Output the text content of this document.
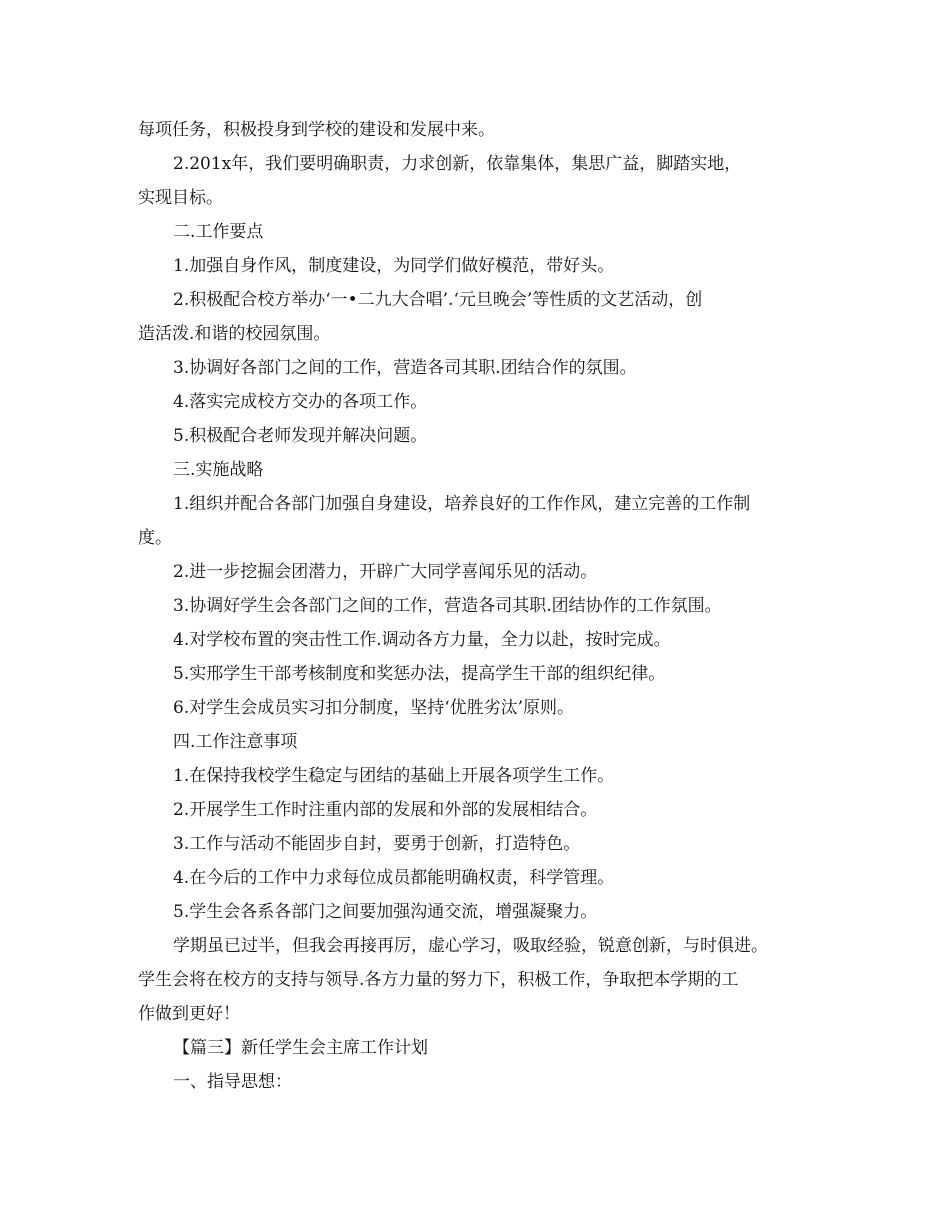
每项任务，积极投身到学校的建设和发展中来。
2.201x年，我们要明确职责，力求创新，依靠集体，集思广益，脚踏实地，
实现目标。
二.工作要点
1.加强自身作风，制度建设，为同学们做好模范，带好头。
2.积极配合校方举办‘一•二九大合唱’.‘元旦晚会’等性质的文艺活动，创
造活泼.和谐的校园氛围。
3.协调好各部门之间的工作，营造各司其职.团结合作的氛围。
4.落实完成校方交办的各项工作。
5.积极配合老师发现并解决问题。
三.实施战略
1.组织并配合各部门加强自身建设，培养良好的工作作风，建立完善的工作制
度。
2.进一步挖掘会团潜力，开辟广大同学喜闻乐见的活动。
3.协调好学生会各部门之间的工作，营造各司其职.团结协作的工作氛围。
4.对学校布置的突击性工作.调动各方力量，全力以赴，按时完成。
5.实邢学生干部考核制度和奖惩办法，提高学生干部的组织纪律。
6.对学生会成员实习扣分制度，坚持‘优胜劣汰’原则。
四.工作注意事项
1.在保持我校学生稳定与团结的基础上开展各项学生工作。
2.开展学生工作时注重内部的发展和外部的发展相结合。
3.工作与活动不能固步自封，要勇于创新，打造特色。
4.在今后的工作中力求每位成员都能明确权责，科学管理。
5.学生会各系各部门之间要加强沟通交流，增强凝聚力。
学期虽已过半，但我会再接再厉，虚心学习，吸取经验，锐意创新，与时俱进。
学生会将在校方的支持与领导.各方力量的努力下，积极工作，争取把本学期的工
作做到更好！
【篇三】新任学生会主席工作计划
一、指导思想：
